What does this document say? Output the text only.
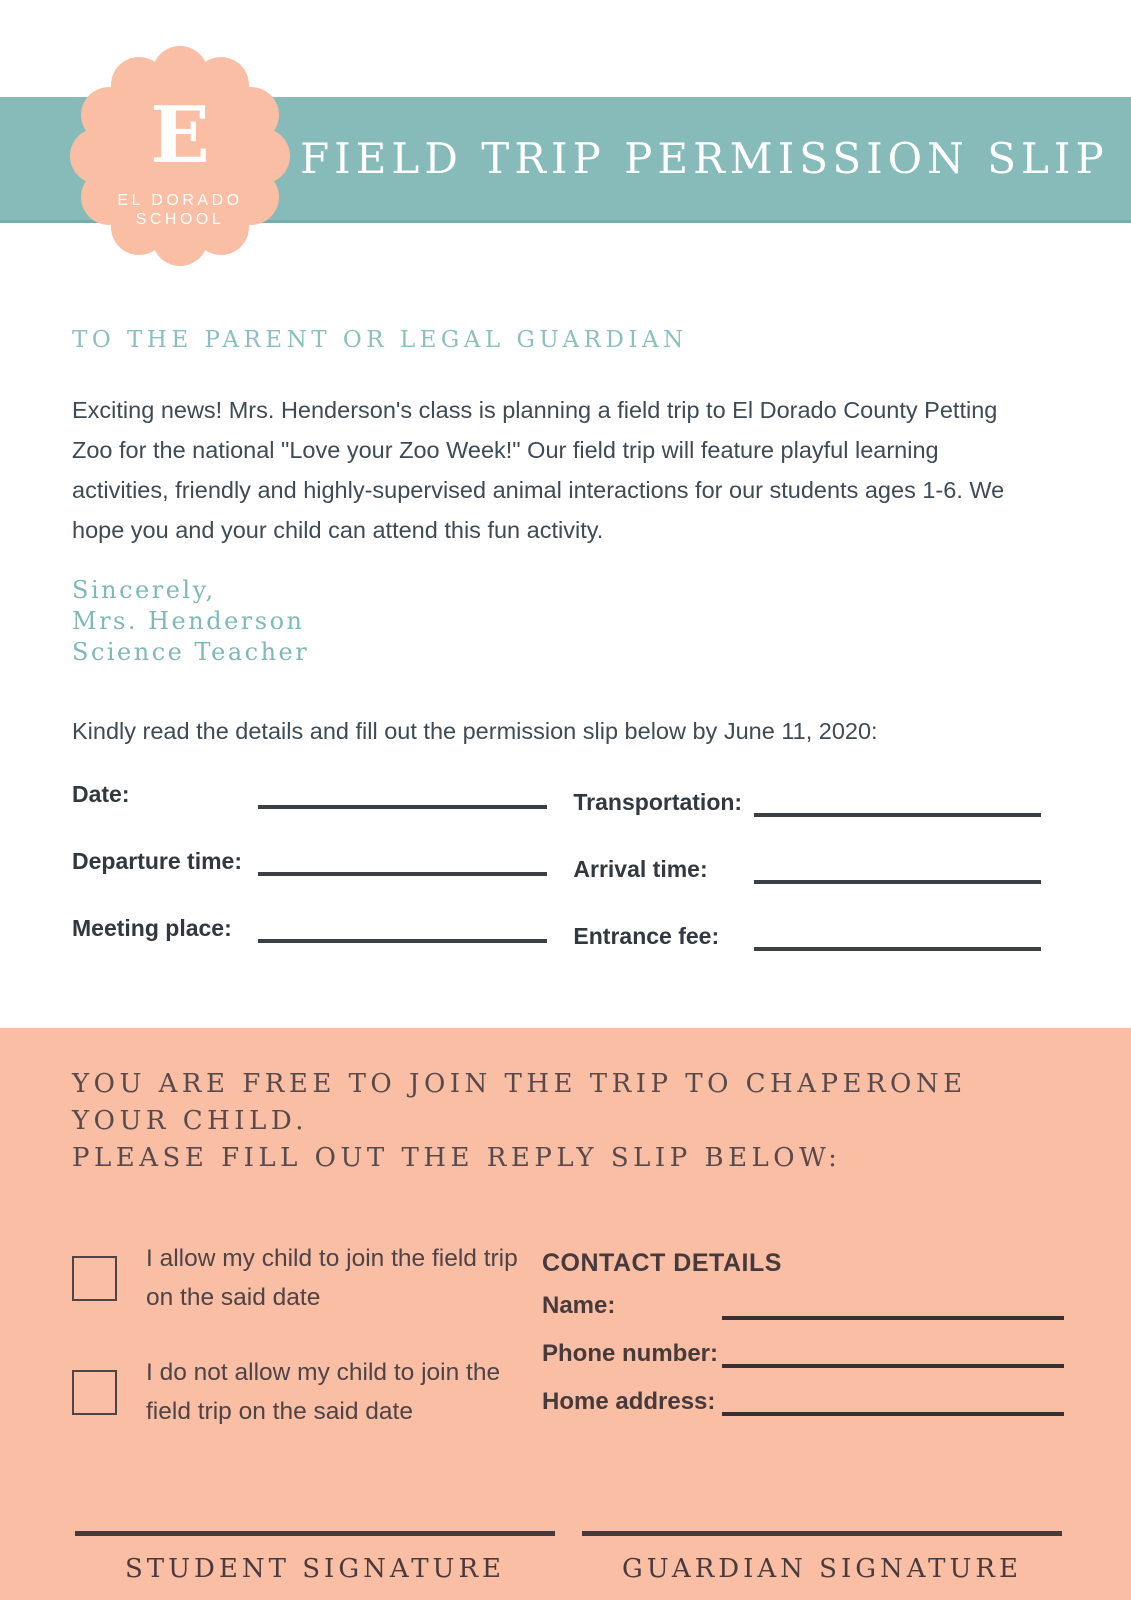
FIELD TRIP PERMISSION SLIP
E
EL DORADO
SCHOOL
TO THE PARENT OR LEGAL GUARDIAN

Exciting news! Mrs. Henderson's class is planning a field trip to El Dorado County Petting Zoo for the national "Love your Zoo Week!" Our field trip will feature playful learning activities, friendly and highly-supervised animal interactions for our students ages 1-6. We hope you and your child can attend this fun activity.

Sincerely,
Mrs. Henderson
Science Teacher

Kindly read the details and fill out the permission slip below by June 11, 2020:

Date:
Departure time:
Meeting place:
Transportation:
Arrival time:
Entrance fee:
YOU ARE FREE TO JOIN THE TRIP TO CHAPERONE YOUR CHILD.
PLEASE FILL OUT THE REPLY SLIP BELOW:
I allow my child to join the field trip on the said date
I do not allow my child to join the field trip on the said date
CONTACT DETAILS
Name:
Phone number:
Home address:
STUDENT SIGNATURE	GUARDIAN SIGNATURE
